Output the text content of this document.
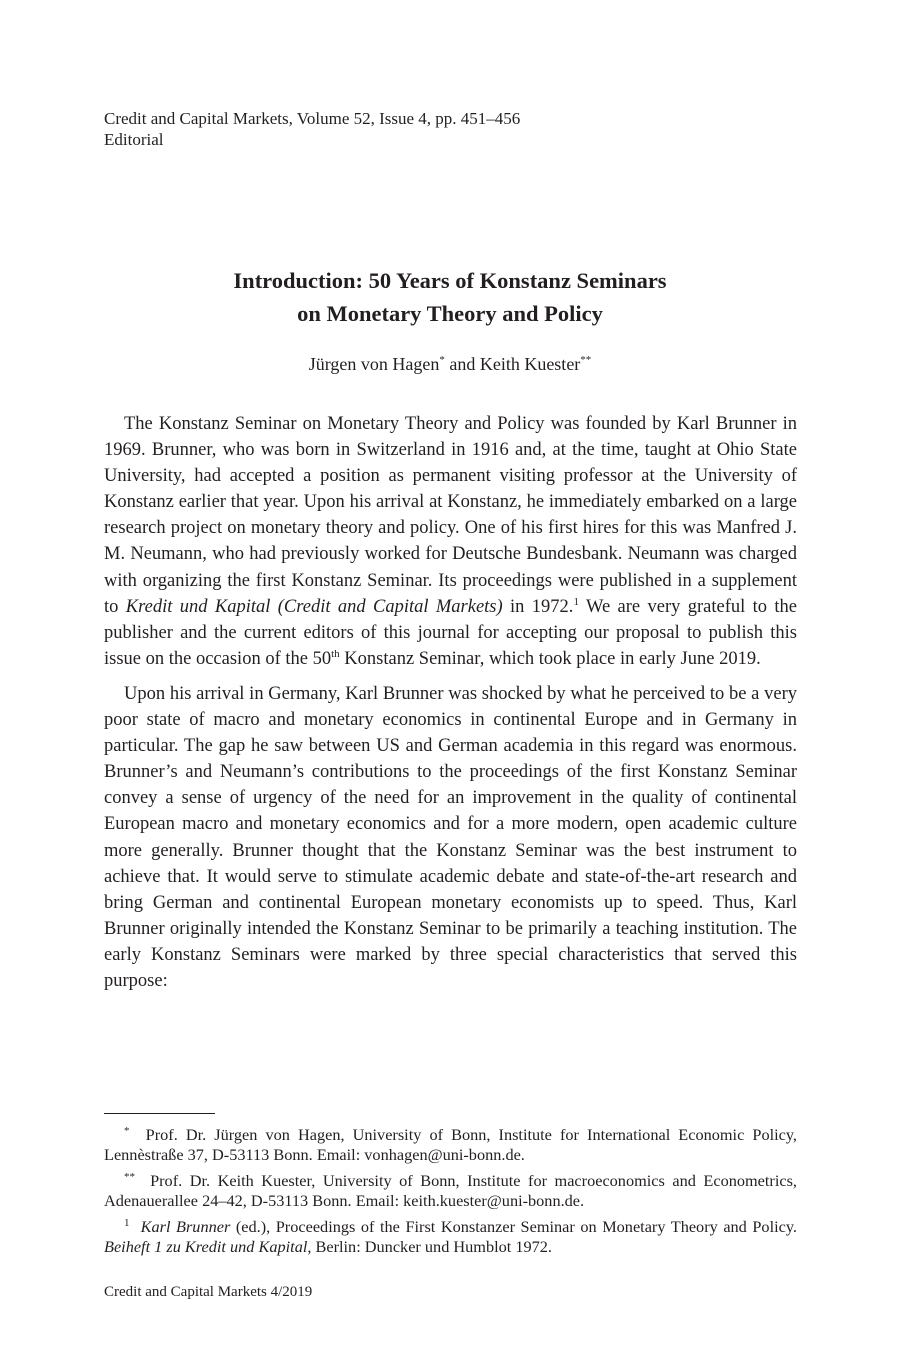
Credit and Capital Markets, Volume 52, Issue 4, pp. 451–456
Editorial
Introduction: 50 Years of Konstanz Seminars
on Monetary Theory and Policy
Jürgen von Hagen* and Keith Kuester**

The Konstanz Seminar on Monetary Theory and Policy was founded by Karl Brunner in 1969. Brunner, who was born in Switzerland in 1916 and, at the time, taught at Ohio State University, had accepted a position as permanent visiting professor at the University of Konstanz earlier that year. Upon his arrival at Konstanz, he immediately embarked on a large research project on monetary theory and policy. One of his first hires for this was Manfred J. M. Neumann, who had previously worked for Deutsche Bundesbank. Neumann was charged with organizing the first Konstanz Seminar. Its proceedings were published in a supplement to Kredit und Kapital (Credit and Capital Markets) in 1972.$^1$ We are very grateful to the publisher and the current editors of this journal for accepting our proposal to publish this issue on the occasion of the 50th Konstanz Seminar, which took place in early June 2019.

Upon his arrival in Germany, Karl Brunner was shocked by what he perceived to be a very poor state of macro and monetary economics in continental Europe and in Germany in particular. The gap he saw between US and German academia in this regard was enormous. Brunner’s and Neumann’s contributions to the proceedings of the first Konstanz Seminar convey a sense of urgency of the need for an improvement in the quality of continental European macro and monetary economics and for a more modern, open academic culture more generally. Brunner thought that the Konstanz Seminar was the best instrument to achieve that. It would serve to stimulate academic debate and state-of-the-art research and bring German and continental European monetary economists up to speed. Thus, Karl Brunner originally intended the Konstanz Seminar to be primarily a teaching institution. The early Konstanz Seminars were marked by three special characteristics that served this purpose:

* Prof. Dr. Jürgen von Hagen, University of Bonn, Institute for International Economic Policy, Lennèstraße 37, D-53113 Bonn. Email: vonhagen@uni-bonn.de.

** Prof. Dr. Keith Kuester, University of Bonn, Institute for macroeconomics and Econometrics, Adenauerallee 24–42, D-53113 Bonn. Email: keith.kuester@uni-bonn.de.

$^1$ Karl Brunner (ed.), Proceedings of the First Konstanzer Seminar on Monetary Theory and Policy. Beiheft 1 zu Kredit und Kapital, Berlin: Duncker und Humblot 1972.

Credit and Capital Markets 4/2019
